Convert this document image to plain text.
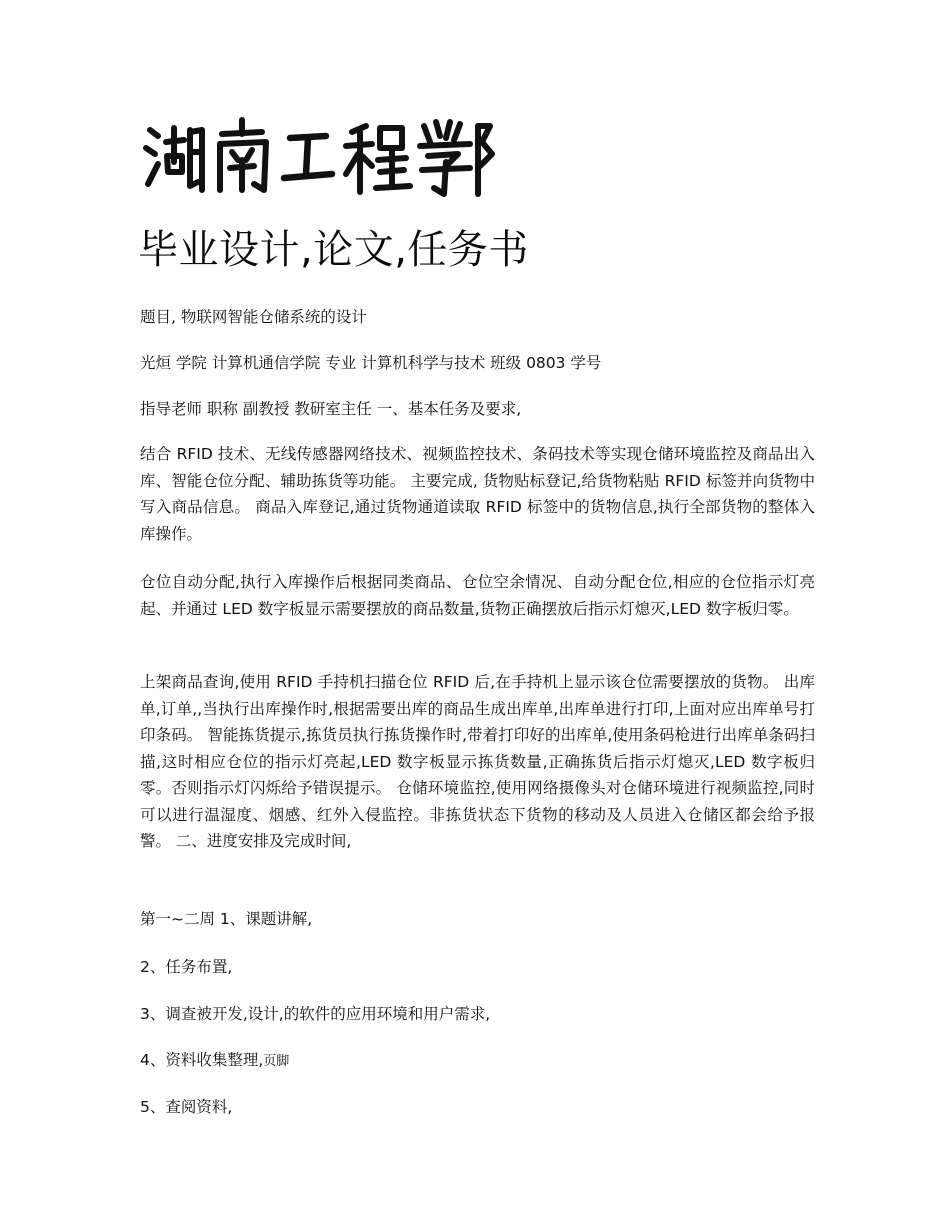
毕业设计,论文,任务书

题目, 物联网智能仓储系统的设计

光烜 学院 计算机通信学院 专业 计算机科学与技术 班级 0803 学号

指导老师 职称 副教授 教研室主任 一、基本任务及要求,

结合 RFID 技术、无线传感器网络技术、视频监控技术、条码技术等实现仓储环境监控及商品出入库、智能仓位分配、辅助拣货等功能。 主要完成, 货物贴标登记,给货物粘贴 RFID 标签并向货物中写入商品信息。 商品入库登记,通过货物通道读取 RFID 标签中的货物信息,执行全部货物的整体入库操作。

仓位自动分配,执行入库操作后根据同类商品、仓位空余情况、自动分配仓位,相应的仓位指示灯亮起、并通过 LED 数字板显示需要摆放的商品数量,货物正确摆放后指示灯熄灭,LED 数字板归零。

上架商品查询,使用 RFID 手持机扫描仓位 RFID 后,在手持机上显示该仓位需要摆放的货物。 出库单,订单,,当执行出库操作时,根据需要出库的商品生成出库单,出库单进行打印,上面对应出库单号打印条码。 智能拣货提示,拣货员执行拣货操作时,带着打印好的出库单,使用条码枪进行出库单条码扫描,这时相应仓位的指示灯亮起,LED 数字板显示拣货数量,正确拣货后指示灯熄灭,LED 数字板归零。否则指示灯闪烁给予错误提示。 仓储环境监控,使用网络摄像头对仓储环境进行视频监控,同时可以进行温湿度、烟感、红外入侵监控。非拣货状态下货物的移动及人员进入仓储区都会给予报警。 二、进度安排及完成时间,

第一~二周 1、课题讲解,

2、任务布置,

3、调查被开发,设计,的软件的应用环境和用户需求,

4、资料收集整理,页脚

5、查阅资料,
